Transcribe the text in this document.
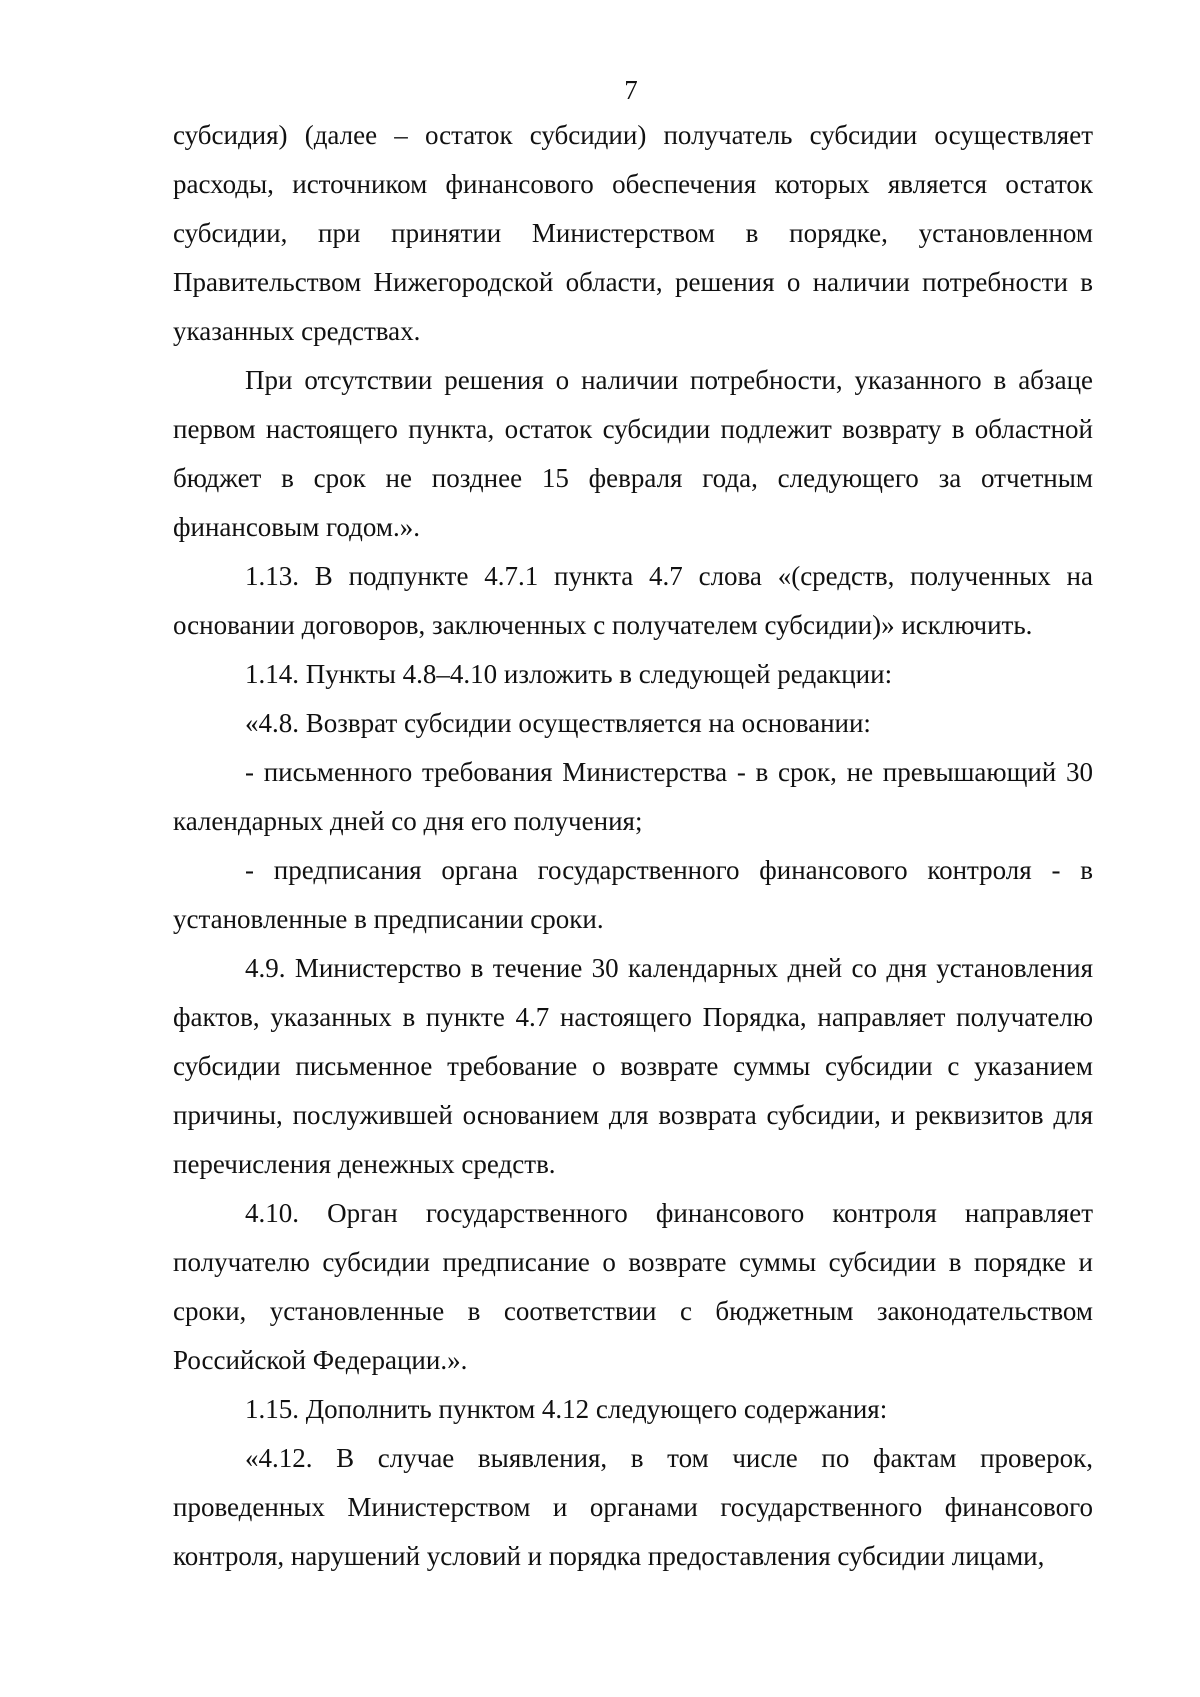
7

субсидия) (далее – остаток субсидии) получатель субсидии осуществляет расходы, источником финансового обеспечения которых является остаток субсидии, при принятии Министерством в порядке, установленном Правительством Нижегородской области, решения о наличии потребности в указанных средствах.

При отсутствии решения о наличии потребности, указанного в абзаце первом настоящего пункта, остаток субсидии подлежит возврату в областной бюджет в срок не позднее 15 февраля года, следующего за отчетным финансовым годом.».

1.13. В подпункте 4.7.1 пункта 4.7 слова «(средств, полученных на основании договоров, заключенных с получателем субсидии)» исключить.

1.14. Пункты 4.8–4.10 изложить в следующей редакции:

«4.8. Возврат субсидии осуществляется на основании:

- письменного требования Министерства - в срок, не превышающий 30 календарных дней со дня его получения;

- предписания органа государственного финансового контроля - в установленные в предписании сроки.

4.9. Министерство в течение 30 календарных дней со дня установления фактов, указанных в пункте 4.7 настоящего Порядка, направляет получателю субсидии письменное требование о возврате суммы субсидии с указанием причины, послужившей основанием для возврата субсидии, и реквизитов для перечисления денежных средств.

4.10. Орган государственного финансового контроля направляет получателю субсидии предписание о возврате суммы субсидии в порядке и сроки, установленные в соответствии с бюджетным законодательством Российской Федерации.».

1.15. Дополнить пунктом 4.12 следующего содержания:

«4.12. В случае выявления, в том числе по фактам проверок, проведенных Министерством и органами государственного финансового контроля, нарушений условий и порядка предоставления субсидии лицами,
